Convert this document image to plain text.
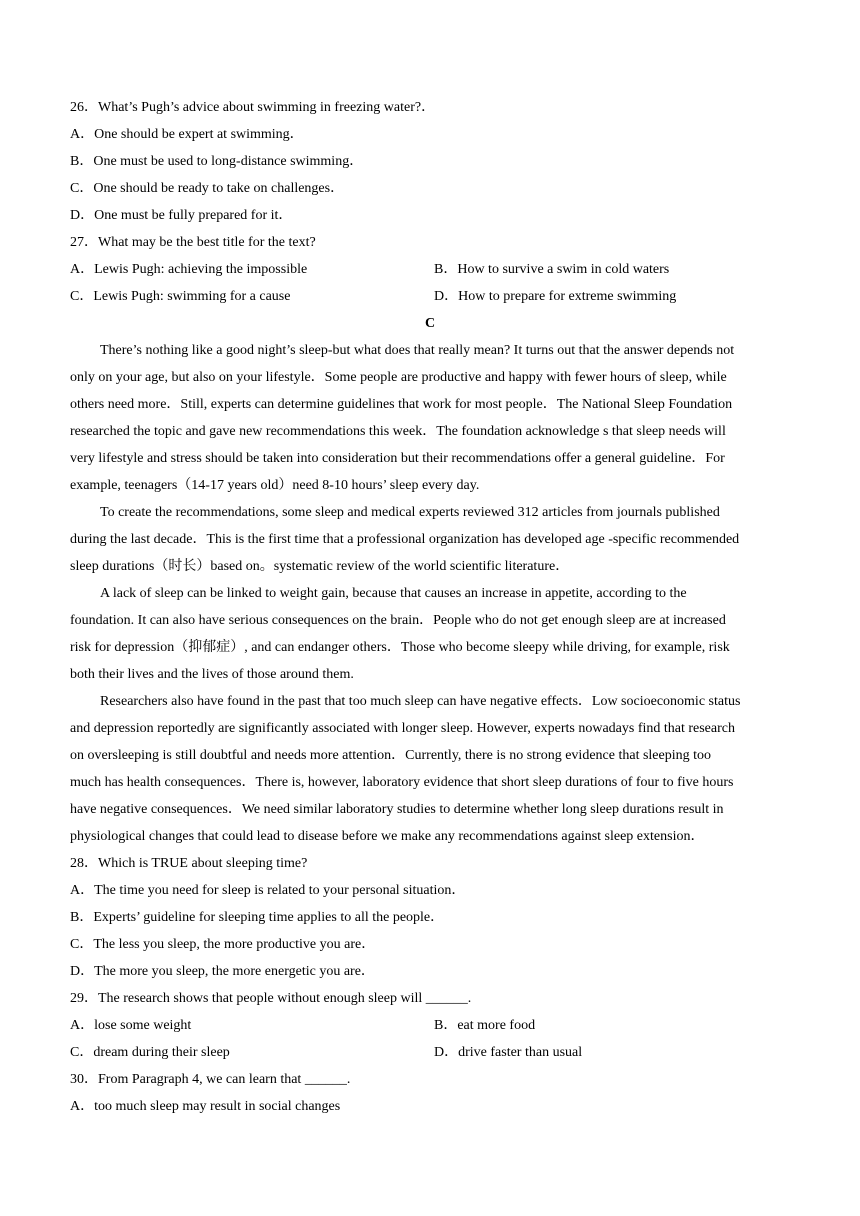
26．What’s Pugh’s advice about swimming in freezing water?．
A．One should be expert at swimming．
B．One must be used to long-distance swimming．
C．One should be ready to take on challenges．
D．One must be fully prepared for it．
27．What may be the best title for the text?
A．Lewis Pugh: achieving the impossible	B．How to survive a swim in cold waters
C．Lewis Pugh: swimming for a cause	D．How to prepare for extreme swimming
C
There’s nothing like a good night’s sleep-but what does that really mean? It turns out that the answer depends not
only on your age, but also on your lifestyle．Some people are productive and happy with fewer hours of sleep, while
others need more．Still, experts can determine guidelines that work for most people．The National Sleep Foundation
researched the topic and gave new recommendations this week．The foundation acknowledge s that sleep needs will
very lifestyle and stress should be taken into consideration but their recommendations offer a general guideline．For
example, teenagers（14-17 years old）need 8-10 hours’ sleep every day.
To create the recommendations, some sleep and medical experts reviewed 312 articles from journals published
during the last decade．This is the first time that a professional organization has developed age -specific recommended
sleep durations（时长）based on。systematic review of the world scientific literature．
A lack of sleep can be linked to weight gain, because that causes an increase in appetite, according to the
foundation. It can also have serious consequences on the brain．People who do not get enough sleep are at increased
risk for depression（抑郁症）, and can endanger others．Those who become sleepy while driving, for example, risk
both their lives and the lives of those around them.
Researchers also have found in the past that too much sleep can have negative effects．Low socioeconomic status
and depression reportedly are significantly associated with longer sleep. However, experts nowadays find that research
on oversleeping is still doubtful and needs more attention．Currently, there is no strong evidence that sleeping too
much has health consequences．There is, however, laboratory evidence that short sleep durations of four to five hours
have negative consequences．We need similar laboratory studies to determine whether long sleep durations result in
physiological changes that could lead to disease before we make any recommendations against sleep extension．
28．Which is TRUE about sleeping time?
A．The time you need for sleep is related to your personal situation．
B．Experts’ guideline for sleeping time applies to all the people．
C．The less you sleep, the more productive you are．
D．The more you sleep, the more energetic you are．
29．The research shows that people without enough sleep will ______.
A．lose some weight	B．eat more food
C．dream during their sleep	D．drive faster than usual
30．From Paragraph 4, we can learn that ______.
A．too much sleep may result in social changes
